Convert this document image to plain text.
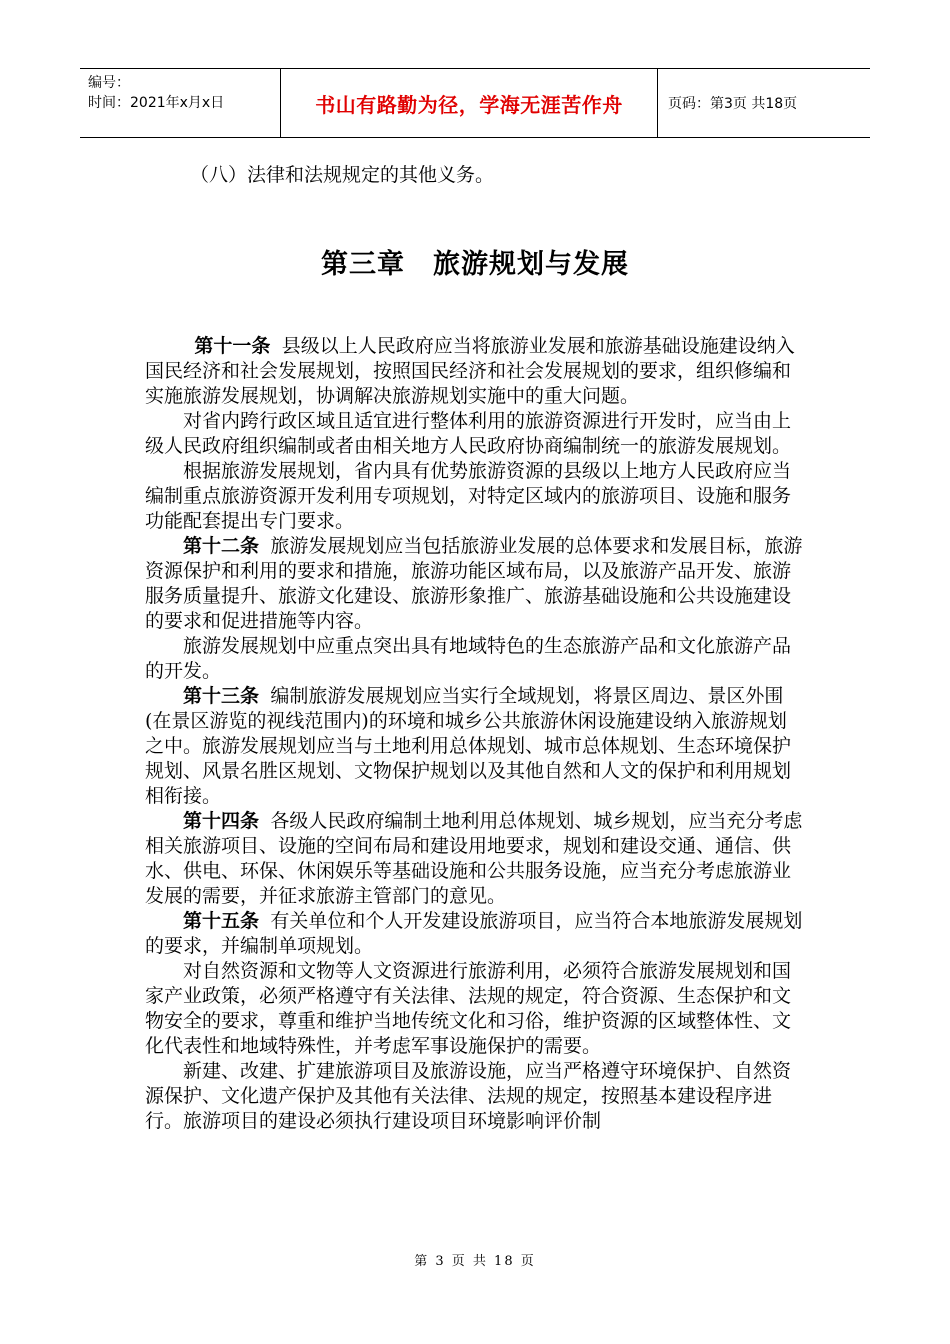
编号：
时间：2021年x月x日	书山有路勤为径，学海无涯苦作舟	页码：第3页 共18页
（八）法律和法规规定的其他义务。
第三章 旅游规划与发展

第十一条 县级以上人民政府应当将旅游业发展和旅游基础设施建设纳入国民经济和社会发展规划，按照国民经济和社会发展规划的要求，组织修编和实施旅游发展规划，协调解决旅游规划实施中的重大问题。

对省内跨行政区域且适宜进行整体利用的旅游资源进行开发时，应当由上级人民政府组织编制或者由相关地方人民政府协商编制统一的旅游发展规划。

根据旅游发展规划，省内具有优势旅游资源的县级以上地方人民政府应当编制重点旅游资源开发利用专项规划，对特定区域内的旅游项目、设施和服务功能配套提出专门要求。

第十二条 旅游发展规划应当包括旅游业发展的总体要求和发展目标，旅游资源保护和利用的要求和措施，旅游功能区域布局，以及旅游产品开发、旅游服务质量提升、旅游文化建设、旅游形象推广、旅游基础设施和公共设施建设的要求和促进措施等内容。

旅游发展规划中应重点突出具有地域特色的生态旅游产品和文化旅游产品的开发。

第十三条 编制旅游发展规划应当实行全域规划，将景区周边、景区外围(在景区游览的视线范围内)的环境和城乡公共旅游休闲设施建设纳入旅游规划之中。旅游发展规划应当与土地利用总体规划、城市总体规划、生态环境保护规划、风景名胜区规划、文物保护规划以及其他自然和人文的保护和利用规划相衔接。

第十四条 各级人民政府编制土地利用总体规划、城乡规划，应当充分考虑相关旅游项目、设施的空间布局和建设用地要求，规划和建设交通、通信、供水、供电、环保、休闲娱乐等基础设施和公共服务设施，应当充分考虑旅游业发展的需要，并征求旅游主管部门的意见。

第十五条 有关单位和个人开发建设旅游项目，应当符合本地旅游发展规划的要求，并编制单项规划。

对自然资源和文物等人文资源进行旅游利用，必须符合旅游发展规划和国家产业政策，必须严格遵守有关法律、法规的规定，符合资源、生态保护和文物安全的要求，尊重和维护当地传统文化和习俗，维护资源的区域整体性、文化代表性和地域特殊性，并考虑军事设施保护的需要。

新建、改建、扩建旅游项目及旅游设施，应当严格遵守环境保护、自然资源保护、文化遗产保护及其他有关法律、法规的规定，按照基本建设程序进行。旅游项目的建设必须执行建设项目环境影响评价制

第 3 页 共 18 页
